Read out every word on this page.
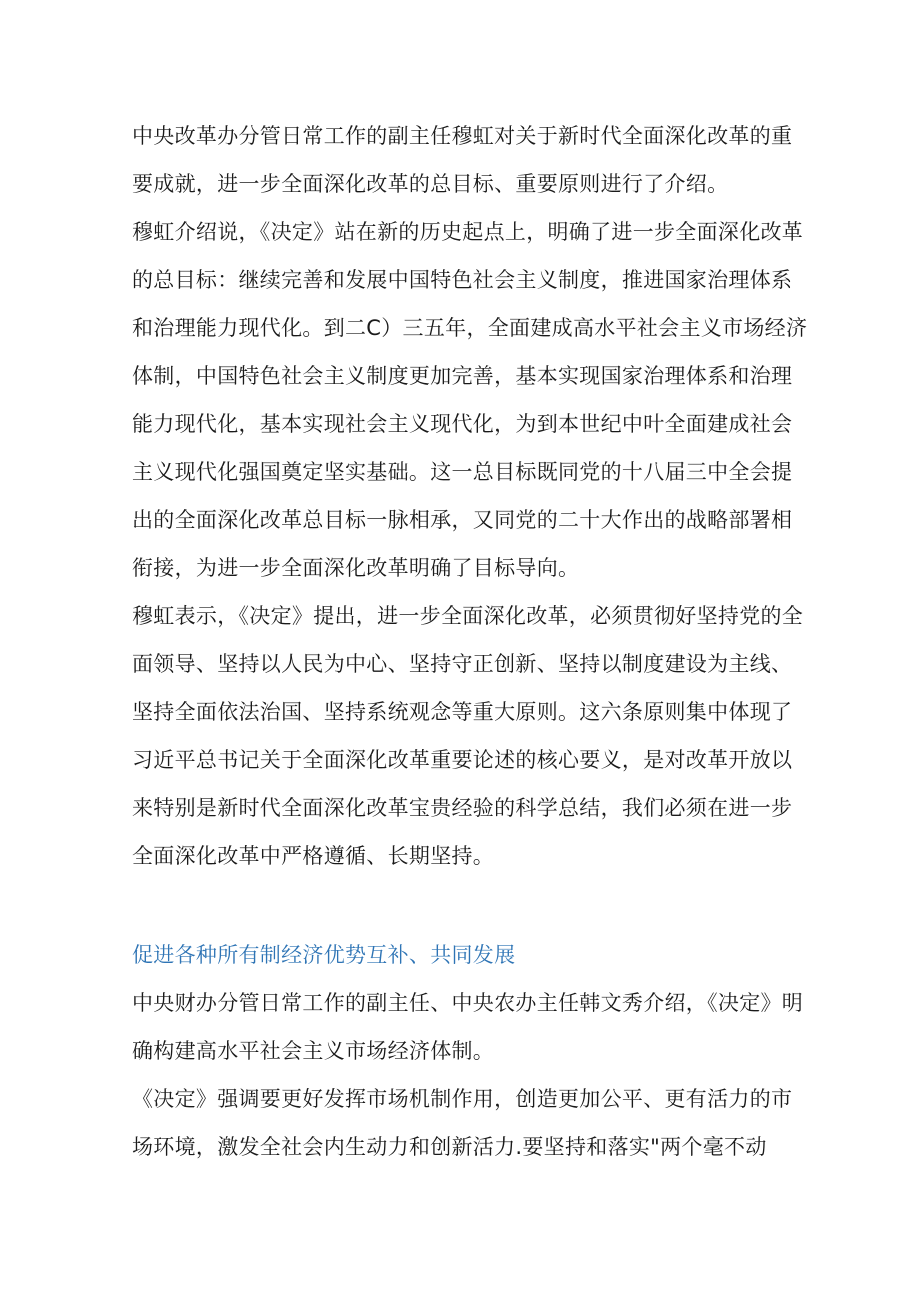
中央改革办分管日常工作的副主任穆虹对关于新时代全面深化改革的重要成就，进一步全面深化改革的总目标、重要原则进行了介绍。

穆虹介绍说，《决定》站在新的历史起点上，明确了进一步全面深化改革的总目标：继续完善和发展中国特色社会主义制度，推进国家治理体系和治理能力现代化。到二C）三五年，全面建成高水平社会主义市场经济体制，中国特色社会主义制度更加完善，基本实现国家治理体系和治理能力现代化，基本实现社会主义现代化，为到本世纪中叶全面建成社会主义现代化强国奠定坚实基础。这一总目标既同党的十八届三中全会提出的全面深化改革总目标一脉相承，又同党的二十大作出的战略部署相衔接，为进一步全面深化改革明确了目标导向。

穆虹表示，《决定》提出，进一步全面深化改革，必须贯彻好坚持党的全面领导、坚持以人民为中心、坚持守正创新、坚持以制度建设为主线、坚持全面依法治国、坚持系统观念等重大原则。这六条原则集中体现了习近平总书记关于全面深化改革重要论述的核心要义，是对改革开放以来特别是新时代全面深化改革宝贵经验的科学总结，我们必须在进一步全面深化改革中严格遵循、长期坚持。

促进各种所有制经济优势互补、共同发展

中央财办分管日常工作的副主任、中央农办主任韩文秀介绍，《决定》明确构建高水平社会主义市场经济体制。

《决定》强调要更好发挥市场机制作用，创造更加公平、更有活力的市场环境，激发全社会内生动力和创新活力.要坚持和落实"两个毫不动
